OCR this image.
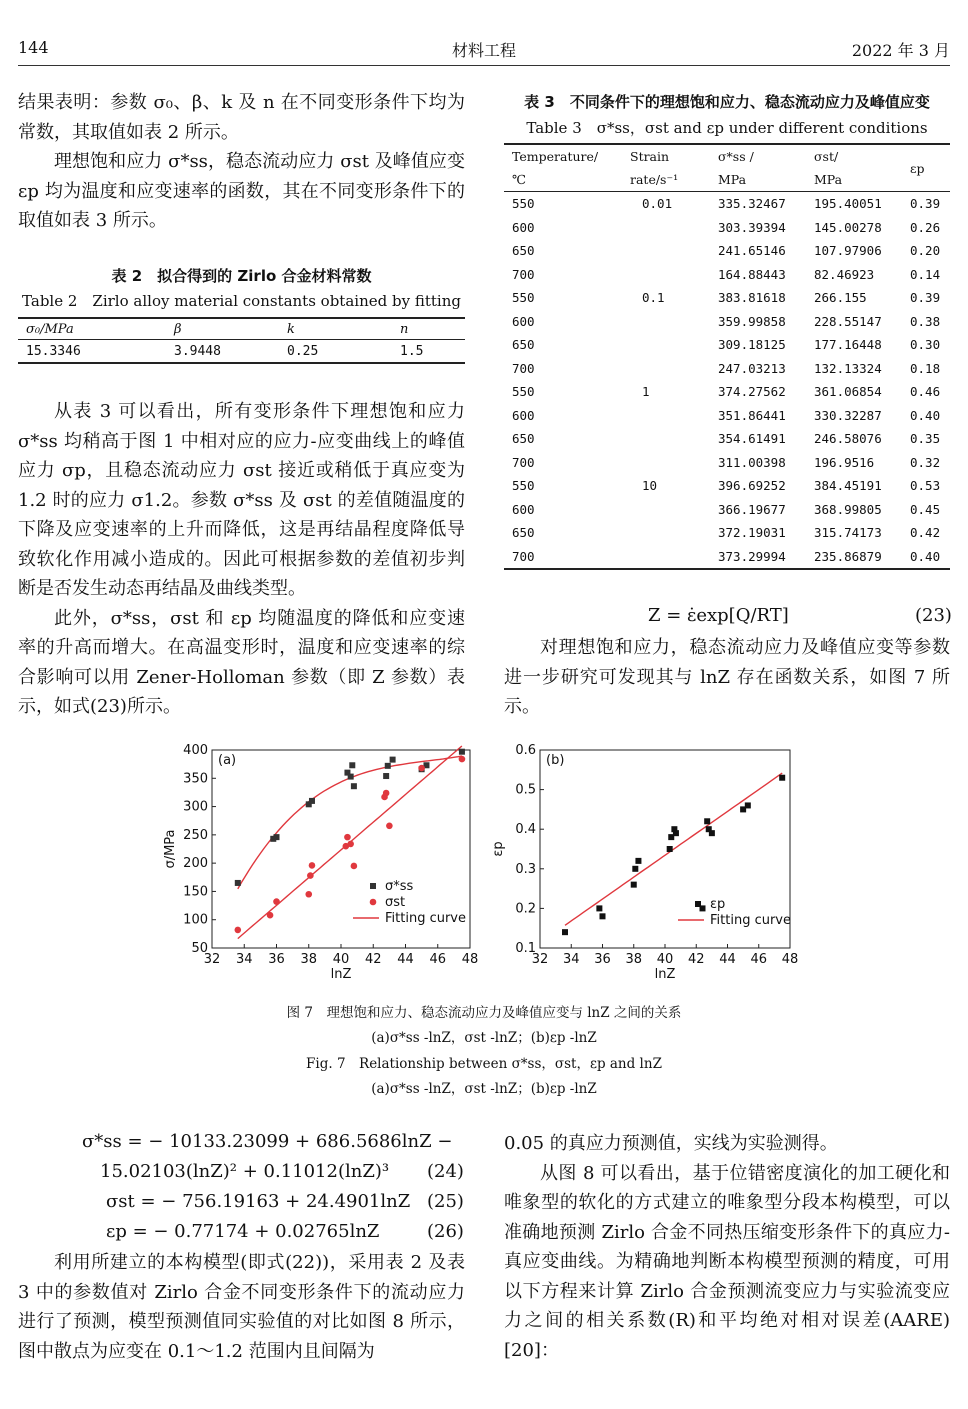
144	材料工程	2022 年 3 月

结果表明：参数 σ₀、β、k 及 n 在不同变形条件下均为常数，其取值如表 2 所示。

理想饱和应力 σ*ss，稳态流动应力 σst 及峰值应变 εp 均为温度和应变速率的函数，其在不同变形条件下的取值如表 3 所示。

表 2　拟合得到的 Zirlo 合金材料常数
Table 2　Zirlo alloy material constants obtained by fitting
σ₀/MPa	β	k	n
15.3346	3.9448	0.25	1.5

从表 3 可以看出，所有变形条件下理想饱和应力 σ*ss 均稍高于图 1 中相对应的应力-应变曲线上的峰值应力 σp，且稳态流动应力 σst 接近或稍低于真应变为 1.2 时的应力 σ1.2。参数 σ*ss 及 σst 的差值随温度的下降及应变速率的上升而降低，这是再结晶程度降低导致软化作用减小造成的。因此可根据参数的差值初步判断是否发生动态再结晶及曲线类型。

此外，σ*ss，σst 和 εp 均随温度的降低和应变速率的升高而增大。在高温变形时，温度和应变速率的综合影响可以用 Zener-Holloman 参数（即 Z 参数）表示，如式(23)所示。

表 3　不同条件下的理想饱和应力、稳态流动应力及峰值应变
Table 3　σ*ss，σst and εp under different conditions
Temperature/	Strain	σ*ss /	σst/	εp
℃	rate/s⁻¹	MPa	MPa	
550	0.01	335.32467	195.40051	0.39
600		303.39394	145.00278	0.26
650		241.65146	107.97906	0.20
700		164.88443	82.46923	0.14
550	0.1	383.81618	266.155	0.39
600		359.99858	228.55147	0.38
650		309.18125	177.16448	0.30
700		247.03213	132.13324	0.18
550	1	374.27562	361.06854	0.46
600		351.86441	330.32287	0.40
650		354.61491	246.58076	0.35
700		311.00398	196.9516	0.32
550	10	396.69252	384.45191	0.53
600		366.19677	368.99805	0.45
650		372.19031	315.74173	0.42
700		373.29994	235.86879	0.40
Z = ε̇exp[Q/RT]	(23)

对理想饱和应力，稳态流动应力及峰值应变等参数进一步研究可发现其与 lnZ 存在函数关系，如图 7 所示。

32 34 36 38 40 42 44 46 48
50
100
150
200
250
300
350
400
lnZ
σ/MPa
(a)
σ*ss
σst
Fitting curve
32 34 36 38 40 42 44 46 48
0.1
0.2
0.3
0.4
0.5
0.6
lnZ
εp
(b)
εp
Fitting curve
图 7　理想饱和应力、稳态流动应力及峰值应变与 lnZ 之间的关系
(a)σ*ss -lnZ，σst -lnZ；(b)εp -lnZ
Fig. 7　Relationship between σ*ss，σst，εp and lnZ
(a)σ*ss -lnZ，σst -lnZ；(b)εp -lnZ
σ*ss = − 10133.23099 + 686.5686lnZ −
15.02103(lnZ)² + 0.11012(lnZ)³ (24)
σst = − 756.19163 + 24.4901lnZ (25)
εp = − 0.77174 + 0.02765lnZ	(26)

利用所建立的本构模型(即式(22))，采用表 2 及表 3 中的参数值对 Zirlo 合金不同变形条件下的流动应力进行了预测，模型预测值同实验值的对比如图 8 所示，图中散点为应变在 0.1～1.2 范围内且间隔为

0.05 的真应力预测值，实线为实验测得。

从图 8 可以看出，基于位错密度演化的加工硬化和唯象型的软化的方式建立的唯象型分段本构模型，可以准确地预测 Zirlo 合金不同热压缩变形条件下的真应力-真应变曲线。为精确地判断本构模型预测的精度，可用以下方程来计算 Zirlo 合金预测流变应力与实验流变应力之间的相关系数(R)和平均绝对相对误差(AARE)[20]：
